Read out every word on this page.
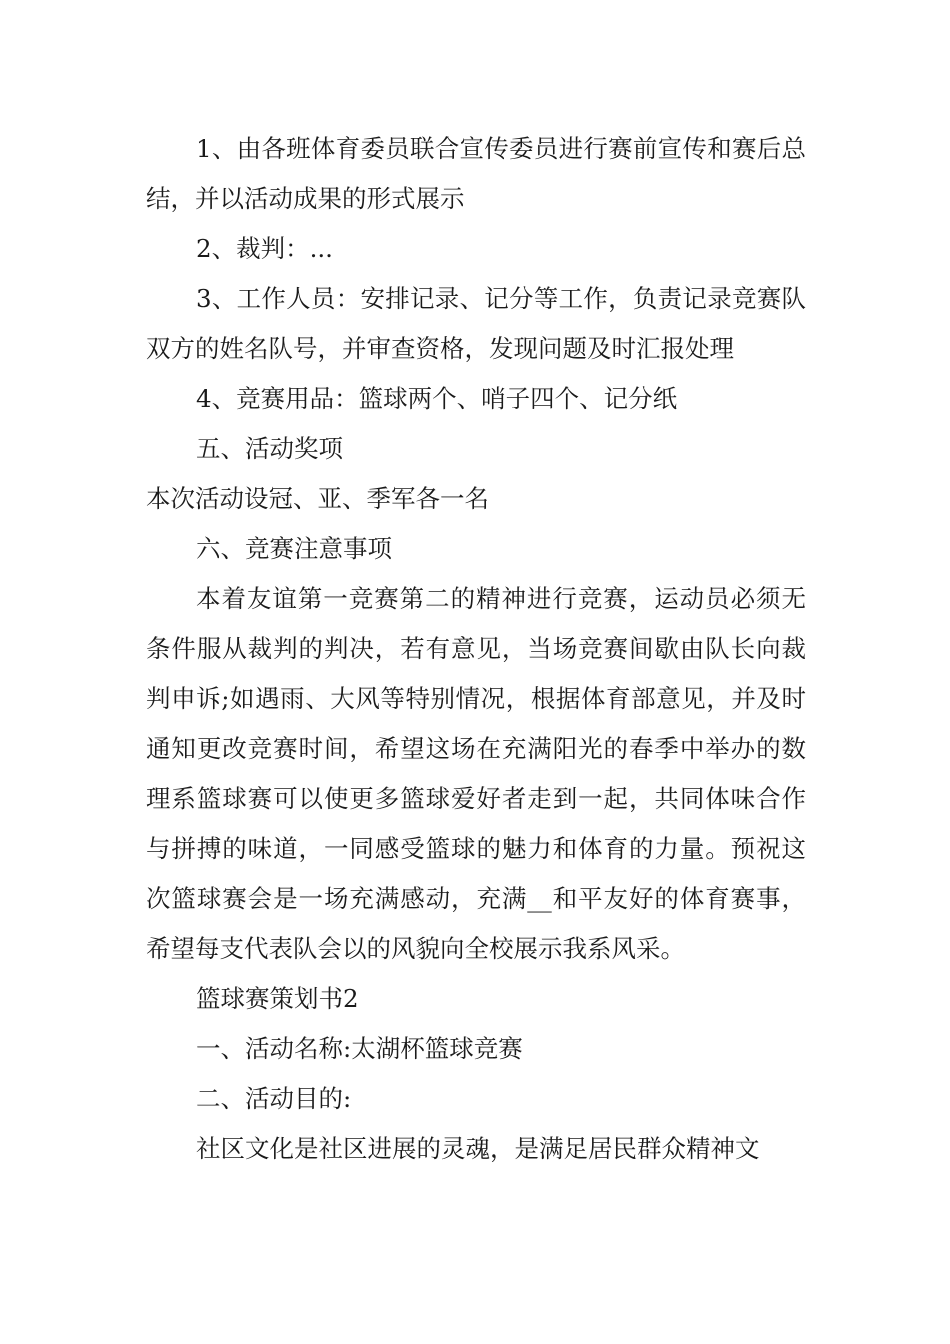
1、由各班体育委员联合宣传委员进行赛前宣传和赛后总结，并以活动成果的形式展示

2、裁判：...

3、工作人员：安排记录、记分等工作，负责记录竞赛队双方的姓名队号，并审查资格，发现问题及时汇报处理

4、竞赛用品：篮球两个、哨子四个、记分纸

五、活动奖项

本次活动设冠、亚、季军各一名

六、竞赛注意事项

本着友谊第一竞赛第二的精神进行竞赛，运动员必须无条件服从裁判的判决，若有意见，当场竞赛间歇由队长向裁判申诉;如遇雨、大风等特别情况，根据体育部意见，并及时通知更改竞赛时间，希望这场在充满阳光的春季中举办的数理系篮球赛可以使更多篮球爱好者走到一起，共同体味合作与拼搏的味道，一同感受篮球的魅力和体育的力量。预祝这次篮球赛会是一场充满感动，充满__和平友好的体育赛事，希望每支代表队会以的风貌向全校展示我系风采。

篮球赛策划书2

一、活动名称:太湖杯篮球竞赛

二、活动目的:

社区文化是社区进展的灵魂，是满足居民群众精神文
